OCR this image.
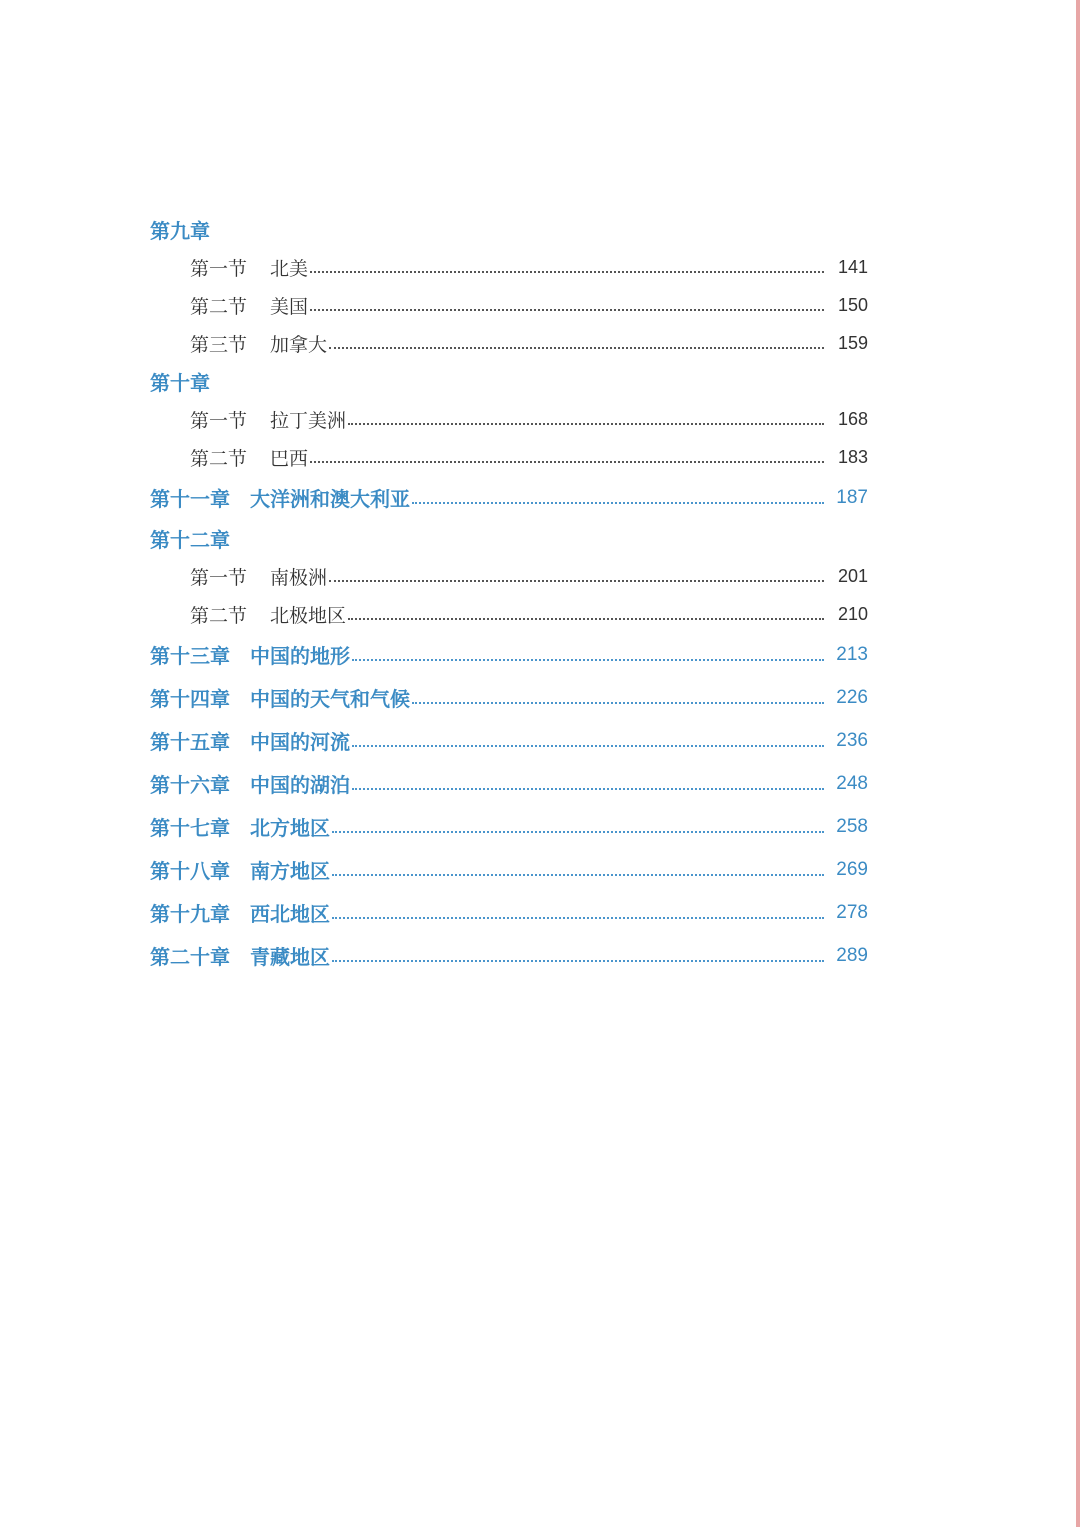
第九章
第一节	北美	141
第二节	美国	150
第三节	加拿大	159
第十章
第一节	拉丁美洲	168
第二节	巴西	183
第十一章	大洋洲和澳大利亚	187
第十二章
第一节	南极洲	201
第二节	北极地区	210
第十三章	中国的地形	213
第十四章	中国的天气和气候	226
第十五章	中国的河流	236
第十六章	中国的湖泊	248
第十七章	北方地区	258
第十八章	南方地区	269
第十九章	西北地区	278
第二十章	青藏地区	289
